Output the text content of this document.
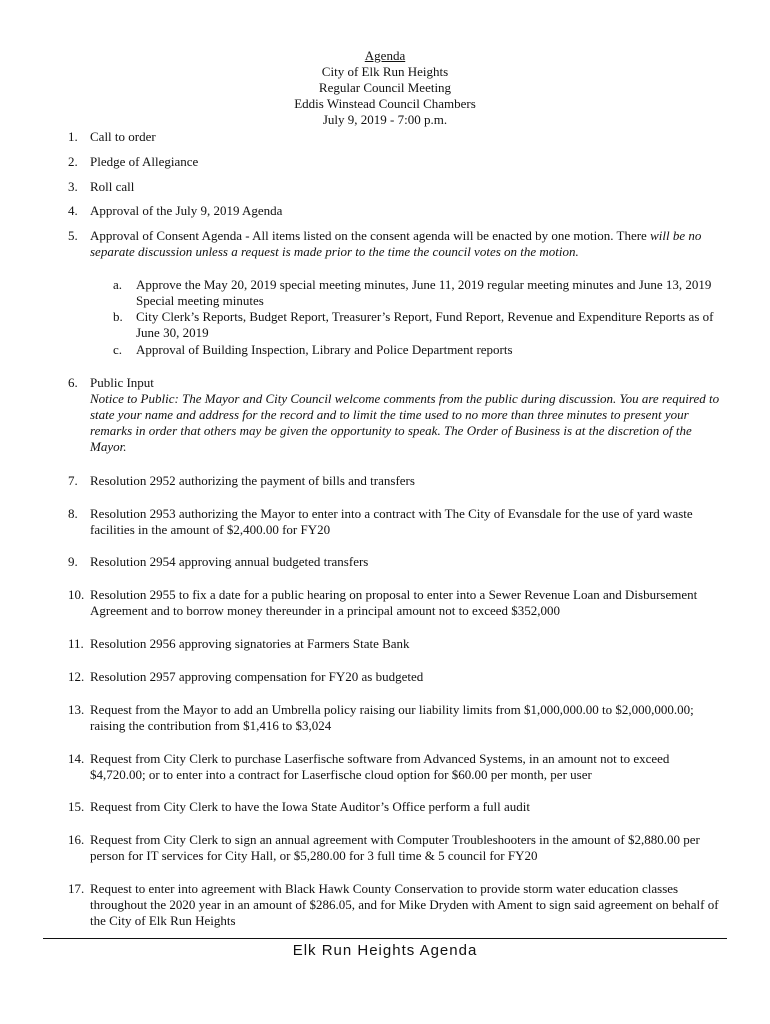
Agenda
City of Elk Run Heights
Regular Council Meeting
Eddis Winstead Council Chambers
July 9, 2019 - 7:00 p.m.
1. Call to order
2. Pledge of Allegiance
3. Roll call
4. Approval of the July 9, 2019 Agenda
5. Approval of Consent Agenda - All items listed on the consent agenda will be enacted by one motion. There will be no separate discussion unless a request is made prior to the time the council votes on the motion.
a. Approve the May 20, 2019 special meeting minutes, June 11, 2019 regular meeting minutes and June 13, 2019 Special meeting minutes
b. City Clerk’s Reports, Budget Report, Treasurer’s Report, Fund Report, Revenue and Expenditure Reports as of June 30, 2019
c. Approval of Building Inspection, Library and Police Department reports
6. Public Input
Notice to Public: The Mayor and City Council welcome comments from the public during discussion. You are required to state your name and address for the record and to limit the time used to no more than three minutes to present your remarks in order that others may be given the opportunity to speak. The Order of Business is at the discretion of the Mayor.
7. Resolution 2952 authorizing the payment of bills and transfers
8. Resolution 2953 authorizing the Mayor to enter into a contract with The City of Evansdale for the use of yard waste facilities in the amount of $2,400.00 for FY20
9. Resolution 2954 approving annual budgeted transfers
10. Resolution 2955 to fix a date for a public hearing on proposal to enter into a Sewer Revenue Loan and Disbursement Agreement and to borrow money thereunder in a principal amount not to exceed $352,000
11. Resolution 2956 approving signatories at Farmers State Bank
12. Resolution 2957 approving compensation for FY20 as budgeted
13. Request from the Mayor to add an Umbrella policy raising our liability limits from $1,000,000.00 to $2,000,000.00; raising the contribution from $1,416 to $3,024
14. Request from City Clerk to purchase Laserfische software from Advanced Systems, in an amount not to exceed $4,720.00; or to enter into a contract for Laserfische cloud option for $60.00 per month, per user
15. Request from City Clerk to have the Iowa State Auditor’s Office perform a full audit
16. Request from City Clerk to sign an annual agreement with Computer Troubleshooters in the amount of $2,880.00 per person for IT services for City Hall, or $5,280.00 for 3 full time & 5 council for FY20
17. Request to enter into agreement with Black Hawk County Conservation to provide storm water education classes throughout the 2020 year in an amount of $286.05, and for Mike Dryden with Ament to sign said agreement on behalf of the City of Elk Run Heights
Elk Run Heights Agenda
